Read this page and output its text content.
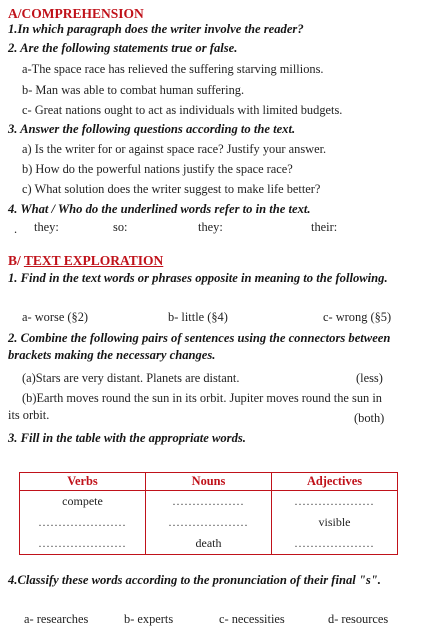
A/COMPREHENSION
1.In which paragraph does the writer involve the reader?
2. Are the following statements true or false.
a-The space race has relieved the suffering starving millions.
b- Man was able to combat human suffering.
c- Great nations ought to act as individuals with limited budgets.
3. Answer the following questions according to the text.
a) Is the writer for or against space race? Justify your answer.
b) How do the powerful nations justify the space race?
c) What solution does the writer suggest to make life better?
4. What / Who do the underlined words refer to in the text.
. they:	so:	they:	their:
B/ TEXT EXPLORATION
1. Find in the text words or phrases opposite in meaning to the following.
a- worse (§2)	b- little (§4)	c- wrong (§5)
2. Combine the following pairs of sentences using the connectors between brackets making the necessary changes.
(a)Stars are very distant. Planets are distant.	(less)
(b)Earth moves round the sun in its orbit. Jupiter moves round the sun in its orbit.	(both)
3. Fill in the table with the appropriate words.
Verbs	Nouns	Adjectives
compete	..................	....................
......................	....................	visible
......................	death	....................
4.Classify these words according to the pronunciation of their final "s".
a- researches	b- experts	c- necessities	d- resources
